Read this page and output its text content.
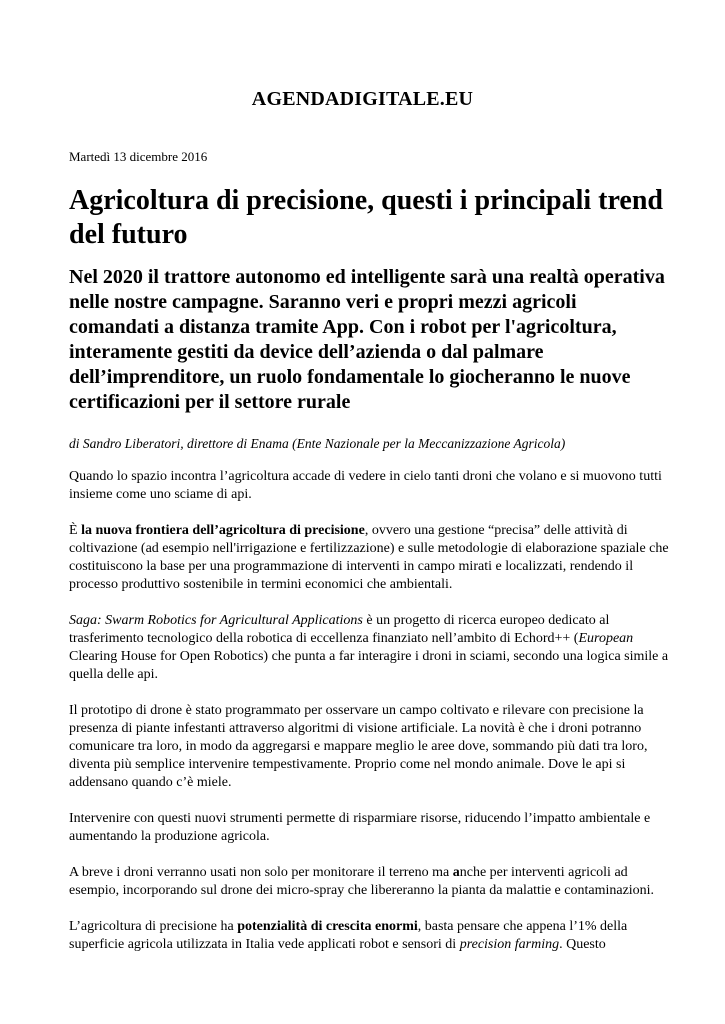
AGENDADIGITALE.EU
Martedì 13 dicembre 2016
Agricoltura di precisione, questi i principali trend del futuro
Nel 2020 il trattore autonomo ed intelligente sarà una realtà operativa nelle nostre campagne. Saranno veri e propri mezzi agricoli comandati a distanza tramite App. Con i robot per l'agricoltura, interamente gestiti da device dell’azienda o dal palmare dell’imprenditore, un ruolo fondamentale lo giocheranno le nuove certificazioni per il settore rurale
di Sandro Liberatori, direttore di Enama (Ente Nazionale per la Meccanizzazione Agricola)

Quando lo spazio incontra l’agricoltura accade di vedere in cielo tanti droni che volano e si muovono tutti insieme come uno sciame di api.

È la nuova frontiera dell’agricoltura di precisione, ovvero una gestione “precisa” delle attività di coltivazione (ad esempio nell'irrigazione e fertilizzazione) e sulle metodologie di elaborazione spaziale che costituiscono la base per una programmazione di interventi in campo mirati e localizzati, rendendo il processo produttivo sostenibile in termini economici che ambientali.

Saga: Swarm Robotics for Agricultural Applications è un progetto di ricerca europeo dedicato al trasferimento tecnologico della robotica di eccellenza finanziato nell’ambito di Echord++ (European Clearing House for Open Robotics) che punta a far interagire i droni in sciami, secondo una logica simile a quella delle api.

Il prototipo di drone è stato programmato per osservare un campo coltivato e rilevare con precisione la presenza di piante infestanti attraverso algoritmi di visione artificiale. La novità è che i droni potranno comunicare tra loro, in modo da aggregarsi e mappare meglio le aree dove, sommando più dati tra loro, diventa più semplice intervenire tempestivamente. Proprio come nel mondo animale. Dove le api si addensano quando c’è miele.

Intervenire con questi nuovi strumenti permette di risparmiare risorse, riducendo l’impatto ambientale e aumentando la produzione agricola.

A breve i droni verranno usati non solo per monitorare il terreno ma anche per interventi agricoli ad esempio, incorporando sul drone dei micro-spray che libereranno la pianta da malattie e contaminazioni.

L’agricoltura di precisione ha potenzialità di crescita enormi, basta pensare che appena l’1% della superficie agricola utilizzata in Italia vede applicati robot e sensori di precision farming. Questo
